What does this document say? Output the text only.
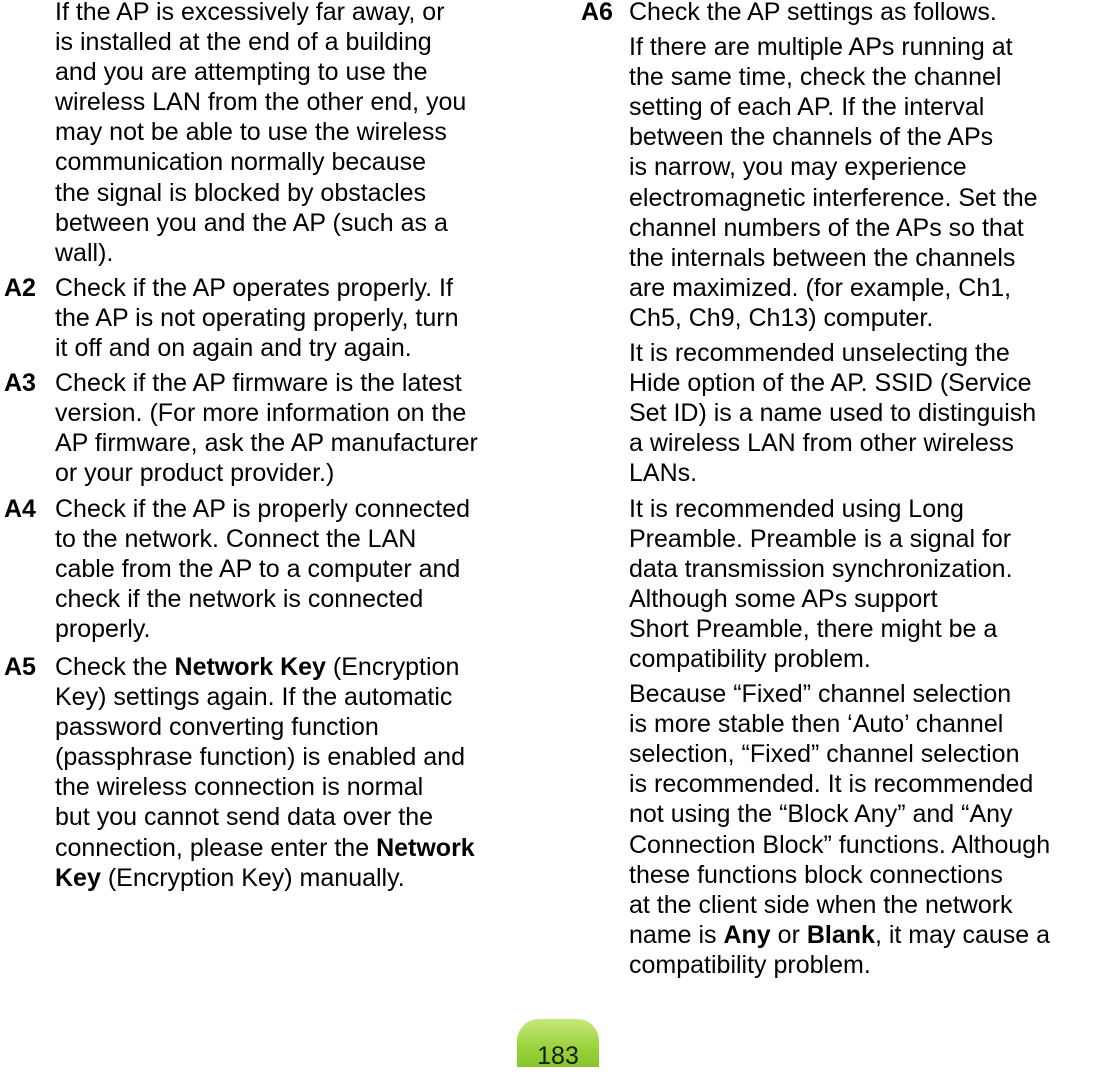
If the AP is excessively far away, or
is installed at the end of a building
and you are attempting to use the
wireless LAN from the other end, you
may not be able to use the wireless
communication normally because
the signal is blocked by obstacles
between you and the AP (such as a
wall).
A2 Check if the AP operates properly. If
the AP is not operating properly, turn
it off and on again and try again.
A3 Check if the AP firmware is the latest
version. (For more information on the
AP firmware, ask the AP manufacturer
or your product provider.)
A4 Check if the AP is properly connected
to the network. Connect the LAN
cable from the AP to a computer and
check if the network is connected
properly.
A5 Check the Network Key (Encryption
Key) settings again. If the automatic
password converting function
(passphrase function) is enabled and
the wireless connection is normal
but you cannot send data over the
connection, please enter the Network
Key (Encryption Key) manually.
A6 Check the AP settings as follows.
If there are multiple APs running at
the same time, check the channel
setting of each AP. If the interval
between the channels of the APs
is narrow, you may experience
electromagnetic interference. Set the
channel numbers of the APs so that
the internals between the channels
are maximized. (for example, Ch1,
Ch5, Ch9, Ch13) computer.
It is recommended unselecting the
Hide option of the AP. SSID (Service
Set ID) is a name used to distinguish
a wireless LAN from other wireless
LANs.
It is recommended using Long
Preamble. Preamble is a signal for
data transmission synchronization.
Although some APs support
Short Preamble, there might be a
compatibility problem.
Because “Fixed” channel selection
is more stable then ‘Auto’ channel
selection, “Fixed” channel selection
is recommended. It is recommended
not using the “Block Any” and “Any
Connection Block” functions. Although
these functions block connections
at the client side when the network
name is Any or Blank, it may cause a
compatibility problem.
183
